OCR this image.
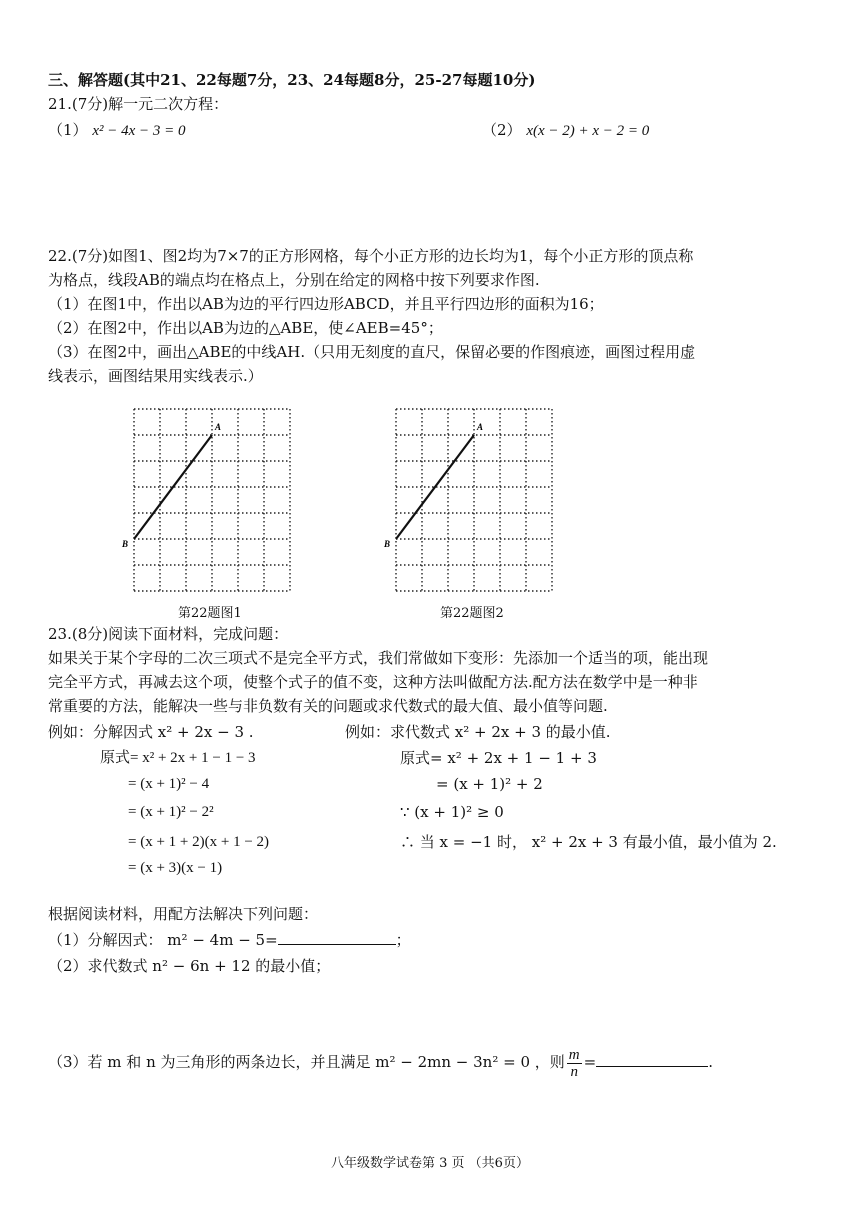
三、解答题(其中21、22每题7分，23、24每题8分，25-27每题10分)
21.(7分)解一元二次方程：
（1） x² − 4x − 3 = 0	（2） x(x − 2) + x − 2 = 0
22.(7分)如图1、图2均为7×7的正方形网格，每个小正方形的边长均为1，每个小正方形的顶点称
为格点，线段AB的端点均在格点上，分别在给定的网格中按下列要求作图.
（1）在图1中，作出以AB为边的平行四边形ABCD，并且平行四边形的面积为16；
（2）在图2中，作出以AB为边的△ABE，使∠AEB=45°；
（3）在图2中，画出△ABE的中线AH.（只用无刻度的直尺，保留必要的作图痕迹，画图过程用虚
线表示，画图结果用实线表示.）
A
B
第22题图1
A
B
第22题图2
23.(8分)阅读下面材料，完成问题：
如果关于某个字母的二次三项式不是完全平方式，我们常做如下变形：先添加一个适当的项，能出现
完全平方式，再减去这个项，使整个式子的值不变，这种方法叫做配方法.配方法在数学中是一种非
常重要的方法，能解决一些与非负数有关的问题或求代数式的最大值、最小值等问题.
例如：分解因式 x² + 2x − 3 .
原式= x² + 2x + 1 − 1 − 3
= (x + 1)² − 4
= (x + 1)² − 2²
= (x + 1 + 2)(x + 1 − 2)
= (x + 3)(x − 1)
例如：求代数式 x² + 2x + 3 的最小值.
原式= x² + 2x + 1 − 1 + 3
= (x + 1)² + 2
∵ (x + 1)² ≥ 0
∴ 当 x = −1 时， x² + 2x + 3 有最小值，最小值为 2.
根据阅读材料，用配方法解决下列问题：
（1）分解因式： m² − 4m − 5=	；
（2）求代数式 n² − 6n + 12 的最小值；
（3）若 m 和 n 为三角形的两条边长，并且满足 m² − 2mn − 3n² = 0 ，则 $\frac{m}{n}$ =	.
八年级数学试卷第 3 页 （共6页）
